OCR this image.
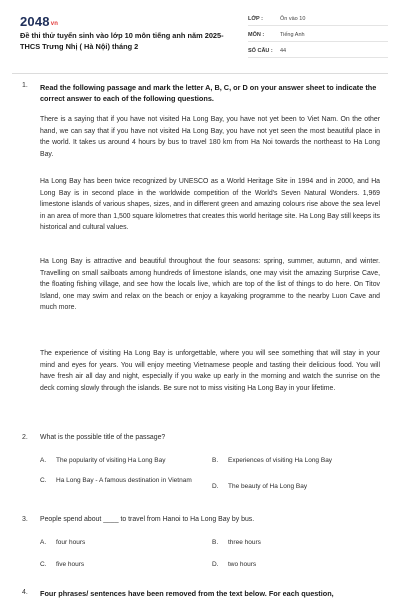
2048vn
Đề thi thử tuyển sinh vào lớp 10 môn tiếng anh năm 2025-THCS Trưng Nhị ( Hà Nội) tháng 2
LỚP :	Ôn vào 10
MÔN :	Tiếng Anh
SỐ CÂU :	44
1. Read the following passage and mark the letter A, B, C, or D on your answer sheet to indicate the correct answer to each of the following questions.
There is a saying that if you have not visited Ha Long Bay, you have not yet been to Viet Nam. On the other hand, we can say that if you have not visited Ha Long Bay, you have not yet seen the most beautiful place in the world. It takes us around 4 hours by bus to travel 180 km from Ha Noi towards the northeast to Ha Long Bay.
Ha Long Bay has been twice recognized by UNESCO as a World Heritage Site in 1994 and in 2000, and Ha Long Bay is in second place in the worldwide competition of the World's Seven Natural Wonders. 1,969 limestone islands of various shapes, sizes, and in different green and amazing colours rise above the sea level in an area of more than 1,500 square kilometres that creates this world heritage site. Ha Long Bay still keeps its historical and cultural values.
Ha Long Bay is attractive and beautiful throughout the four seasons: spring, summer, autumn, and winter. Travelling on small sailboats among hundreds of limestone islands, one may visit the amazing Surprise Cave, the floating fishing village, and see how the locals live, which are top of the list of things to do here. On Titov Island, one may swim and relax on the beach or enjoy a kayaking programme to the nearby Luon Cave and much more.
The experience of visiting Ha Long Bay is unforgettable, where you will see something that will stay in your mind and eyes for years. You will enjoy meeting Vietnamese people and tasting their delicious food. You will have fresh air all day and night, especially if you wake up early in the morning and watch the sunrise on the deck coming slowly through the islands. Be sure not to miss visiting Ha Long Bay in your lifetime.
2. What is the possible title of the passage?
A.	The popularity of visiting Ha Long Bay	B.	Experiences of visiting Ha Long Bay
C.	Ha Long Bay - A famous destination in Vietnam
D.	The beauty of Ha Long Bay
3. People spend about ____ to travel from Hanoi to Ha Long Bay by bus.
A.	four hours	B.	three hours
C.	five hours	D.	two hours
4. Four phrases/ sentences have been removed from the text below. For each question,
